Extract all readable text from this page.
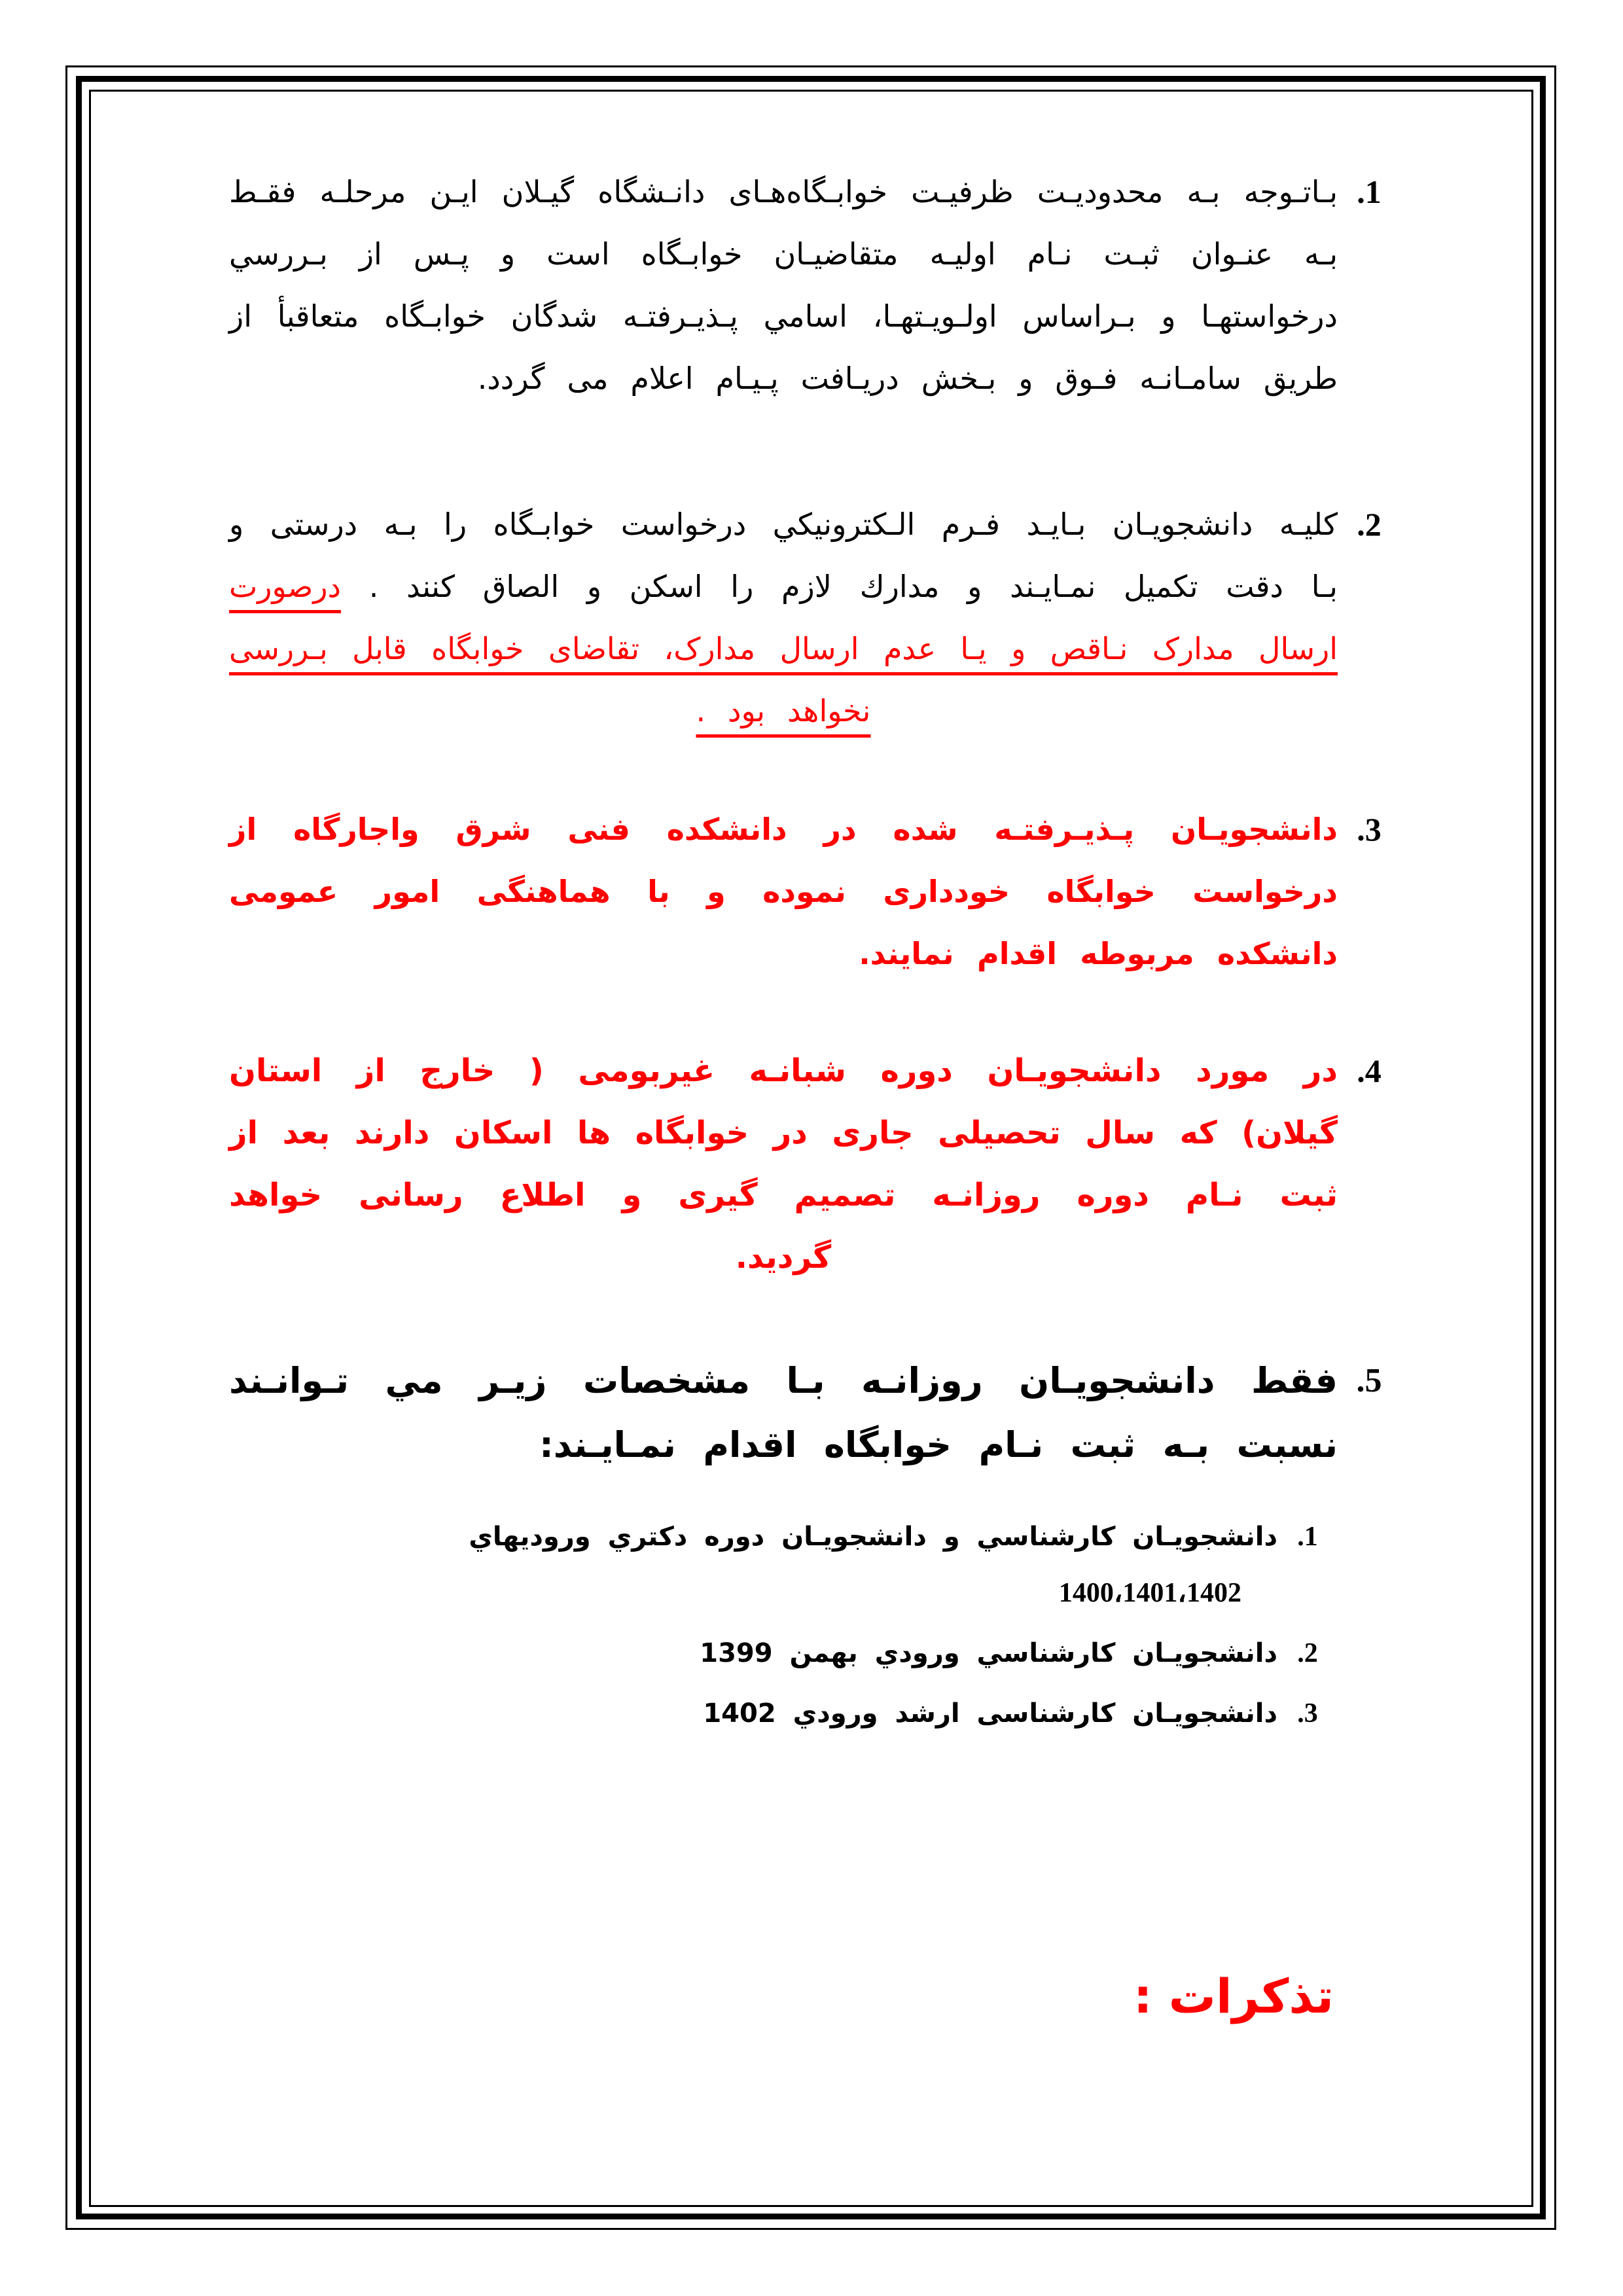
1.

بـاتـوجه بـه محدودیـت ظرفیـت خوابـگاه‌هـای دانـشگاه گیـلان ایـن مرحلـه فقـط بـه عنـوان ثبـت نـام اولیـه متقاضیـان خوابـگاه است و پـس از بـررسي درخواستهـا و بـراساس اولـویـتهـا، اسامي پـذیـرفتـه شدگان خوابـگاه متعاقبأ از طریق سامـانـه فـوق و بـخش دریـافت پـیـام اعلام می گردد.

2.

كليـه دانشجويـان بـايـد فـرم الـكترونيكي درخواست خوابـگاه را بـه درستی و بـا دقت تكميل نمـايـند و مدارك لازم را اسكن و الصاق كنند . درصورت ارسال مدارک نـاقص و يـا عدم ارسال مدارک، تقاضای خوابگاه قابل بـررسی نخواهد بود .

3.

دانشجويـان پـذيـرفتـه شده در دانشكده فنی شرق واجارگاه از درخواست خوابگاه خودداری نموده و با هماهنگی امور عمومی دانشكده مربوطه اقدام نمايند.

4.

در مورد دانشجويـان دوره شبانـه غيربومی ( خارج از استان گيلان) كه سال تحصيلی جاری در خوابگاه ها اسكان دارند بعد از ثبت نـام دوره روزانـه تصميم گيری و اطلاع رسانی خواهد گرديد.

5.

فقط دانشجويـان روزانـه بـا مشخصات زيـر مي تـوانـند نسبت بـه ثبت نـام خوابگاه اقدام نمـايـند:

1.
دانشجويـان كارشناسي و دانشجويـان دوره دكتري وروديهاي
1400،1401،1402
2.

دانشجويـان كارشناسي ورودي بهمن 1399

3.

دانشجويـان كارشناسی ارشد ورودي 1402

تذكرات :
